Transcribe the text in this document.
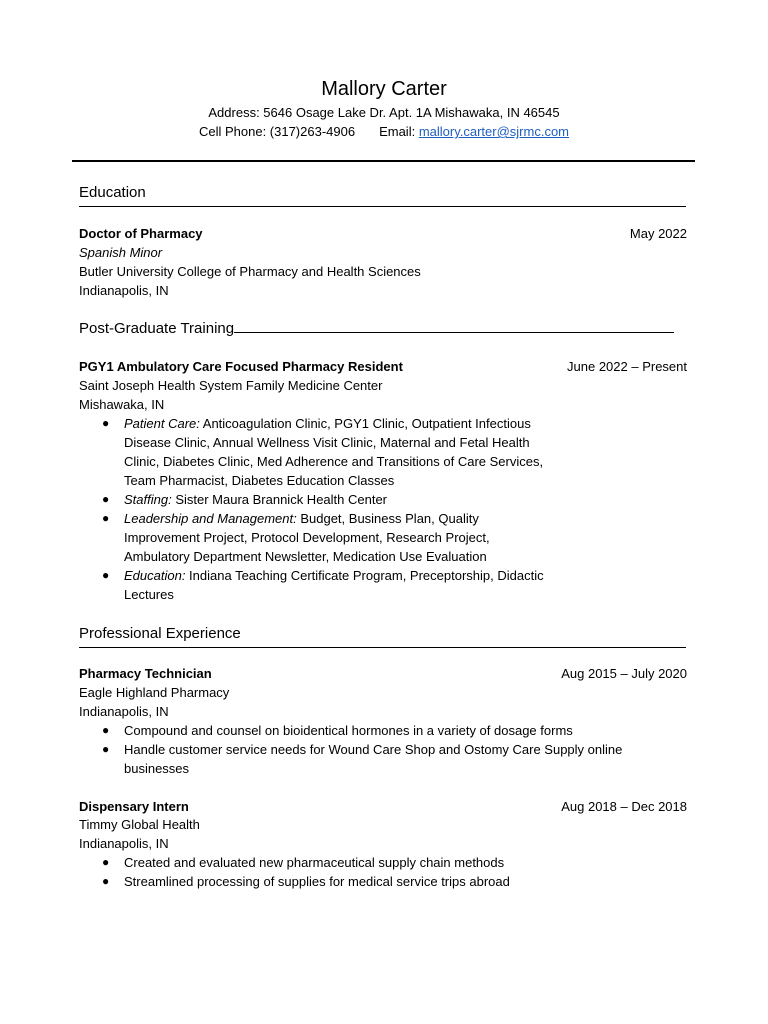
Mallory Carter
Address: 5646 Osage Lake Dr. Apt. 1A Mishawaka, IN 46545
Cell Phone: (317)263-4906 Email: mallory.carter@sjrmc.com
Education
Doctor of Pharmacy	May 2022
Spanish Minor
Butler University College of Pharmacy and Health Sciences
Indianapolis, IN
Post-Graduate Training
PGY1 Ambulatory Care Focused Pharmacy Resident	June 2022 – Present
Saint Joseph Health System Family Medicine Center
Mishawaka, IN
● Patient Care: Anticoagulation Clinic, PGY1 Clinic, Outpatient Infectious Disease Clinic, Annual Wellness Visit Clinic, Maternal and Fetal Health Clinic, Diabetes Clinic, Med Adherence and Transitions of Care Services, Team Pharmacist, Diabetes Education Classes
● Staffing: Sister Maura Brannick Health Center
● Leadership and Management: Budget, Business Plan, Quality Improvement Project, Protocol Development, Research Project, Ambulatory Department Newsletter, Medication Use Evaluation
● Education: Indiana Teaching Certificate Program, Preceptorship, Didactic Lectures
Professional Experience
Pharmacy Technician	Aug 2015 – July 2020
Eagle Highland Pharmacy
Indianapolis, IN
● Compound and counsel on bioidentical hormones in a variety of dosage forms
● Handle customer service needs for Wound Care Shop and Ostomy Care Supply online businesses
Dispensary Intern	Aug 2018 – Dec 2018
Timmy Global Health
Indianapolis, IN
● Created and evaluated new pharmaceutical supply chain methods
● Streamlined processing of supplies for medical service trips abroad
